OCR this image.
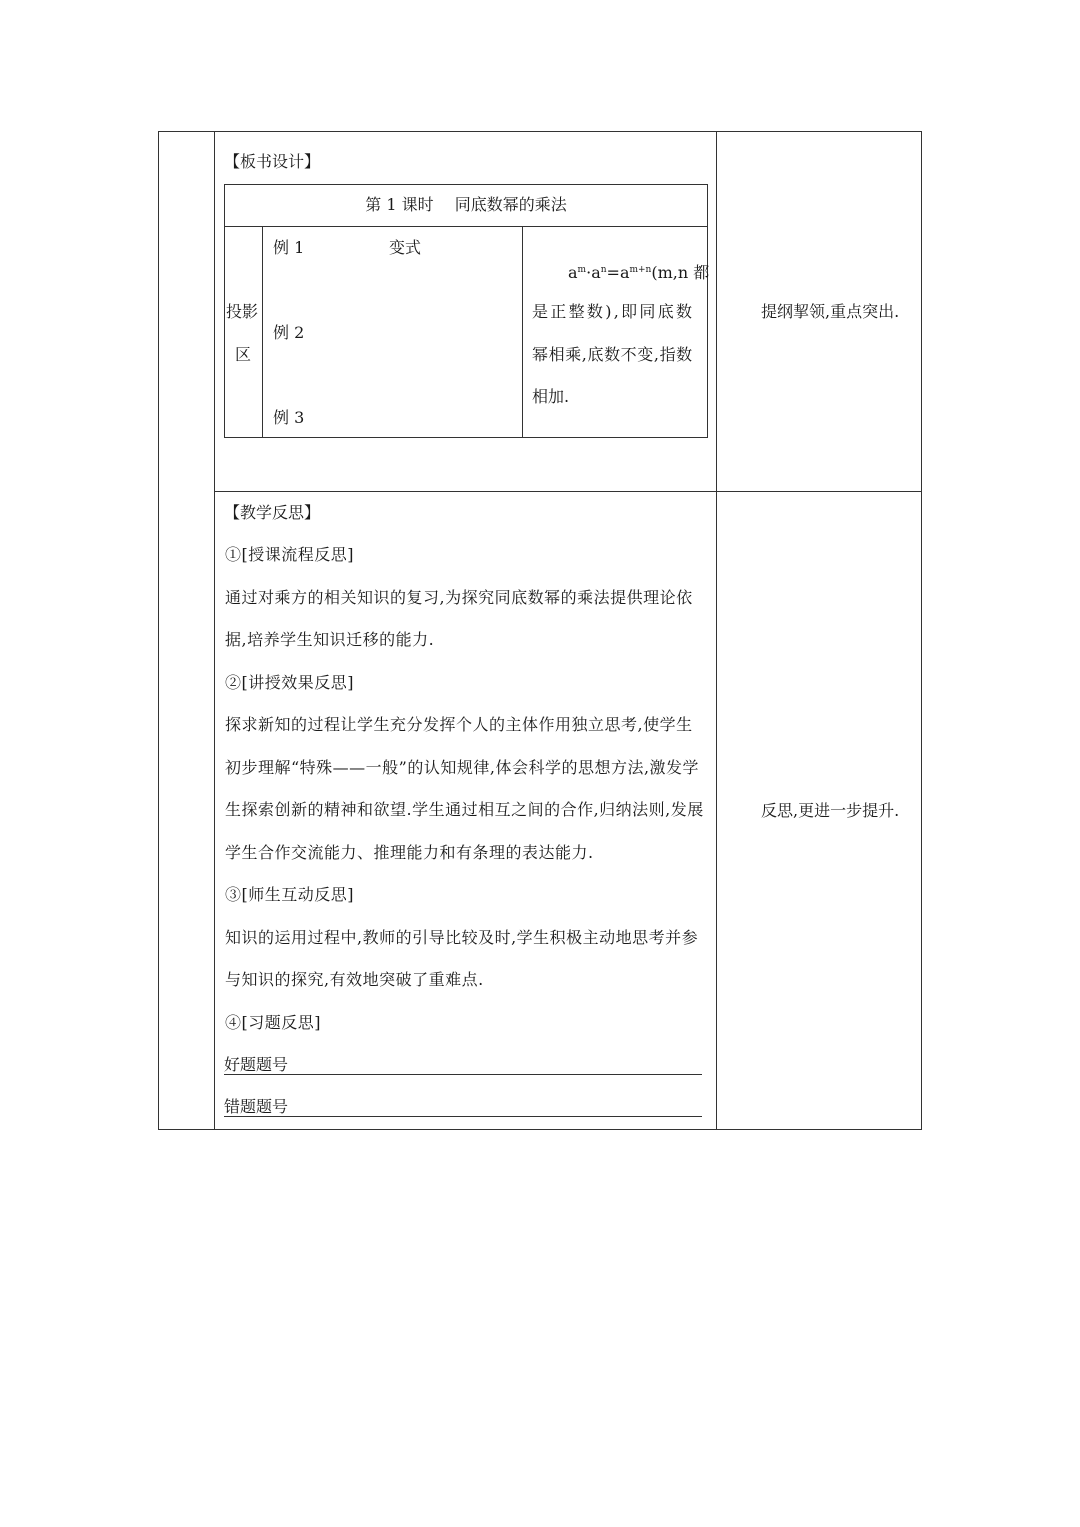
【板书设计】
第 1 课时　 同底数幂的乘法
投影
区
例 1	变式
例 2
例 3
$a^m\cdot a^n=a^{m+n}(m,n$ 都
是正整数),即同底数
幂相乘,底数不变,指数
相加.
提纲挈领,重点突出.
【教学反思】

①[授课流程反思]

通过对乘方的相关知识的复习,为探究同底数幂的乘法提供理论依据,培养学生知识迁移的能力.

②[讲授效果反思]

探求新知的过程让学生充分发挥个人的主体作用独立思考,使学生初步理解“特殊——一般”的认知规律,体会科学的思想方法,激发学生探索创新的精神和欲望.学生通过相互之间的合作,归纳法则,发展学生合作交流能力、推理能力和有条理的表达能力.

③[师生互动反思]

知识的运用过程中,教师的引导比较及时,学生积极主动地思考并参与知识的探究,有效地突破了重难点.

④[习题反思]

好题题号
错题题号
反思,更进一步提升.
